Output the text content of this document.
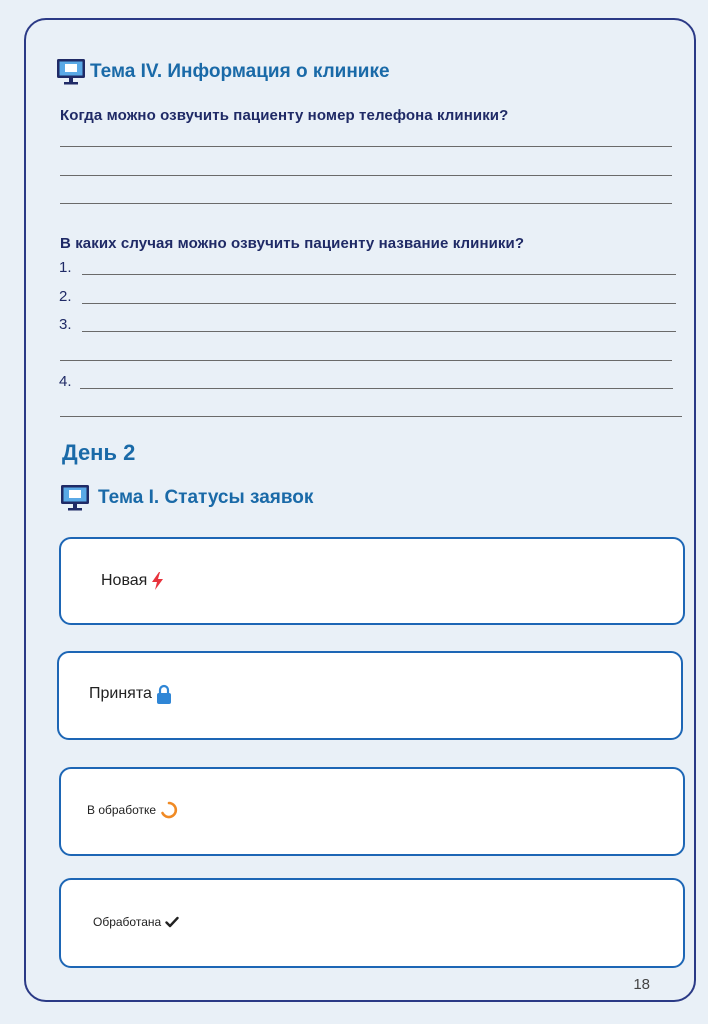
Тема IV. Информация о клинике
Когда можно озвучить пациенту номер телефона клиники?
В каких случая можно озвучить пациенту название клиники?
1.
2.
3.
4.
День 2
Тема I. Статусы заявок
Новая
Принята
В обработке
Обработана
18
